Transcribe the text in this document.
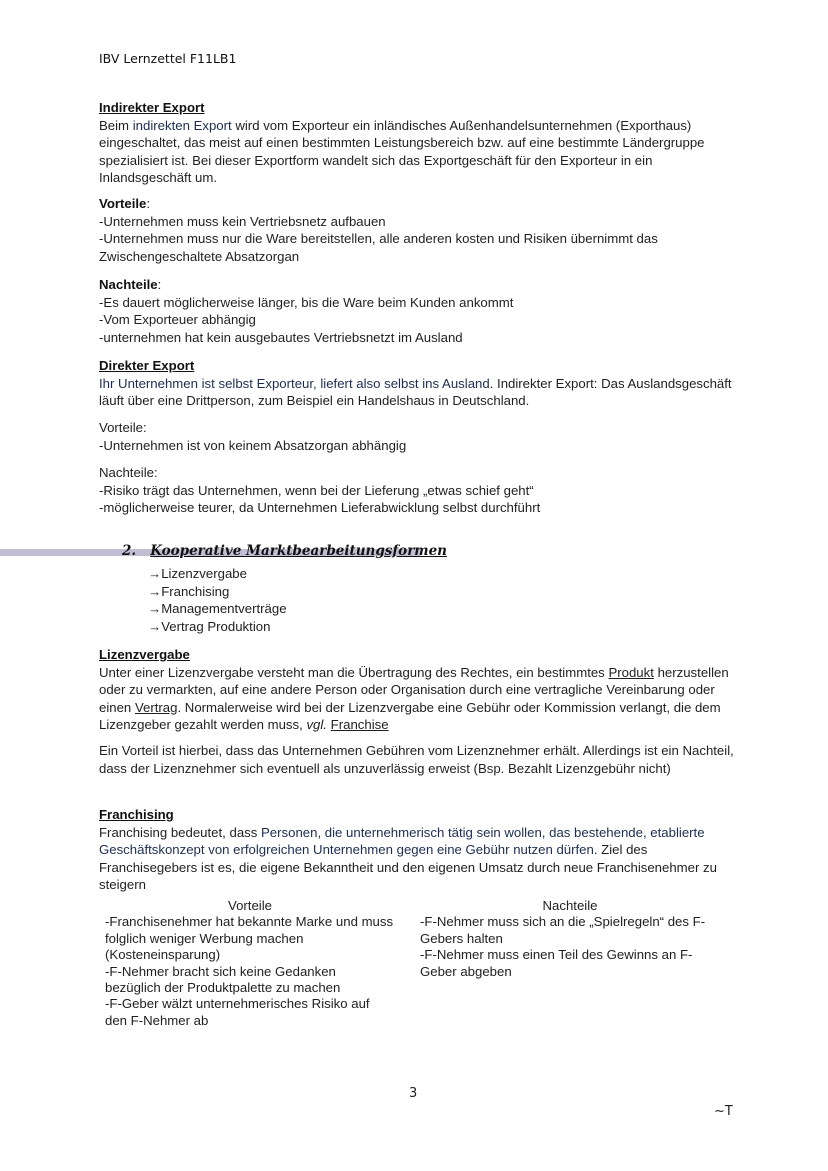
IBV Lernzettel F11LB1

Indirekter Export

Beim indirekten Export wird vom Exporteur ein inländisches Außenhandelsunternehmen (Exporthaus) eingeschaltet, das meist auf einen bestimmten Leistungsbereich bzw. auf eine bestimmte Ländergruppe spezialisiert ist. Bei dieser Exportform wandelt sich das Exportgeschäft für den Exporteur in ein Inlandsgeschäft um.

Vorteile:

-Unternehmen muss kein Vertriebsnetz aufbauen

-Unternehmen muss nur die Ware bereitstellen, alle anderen kosten und Risiken übernimmt das Zwischengeschaltete Absatzorgan

Nachteile:

-Es dauert möglicherweise länger, bis die Ware beim Kunden ankommt

-Vom Exporteuer abhängig

-unternehmen hat kein ausgebautes Vertriebsnetzt im Ausland

Direkter Export

Ihr Unternehmen ist selbst Exporteur, liefert also selbst ins Ausland. Indirekter Export: Das Auslandsgeschäft läuft über eine Drittperson, zum Beispiel ein Handelshaus in Deutschland.

Vorteile:

-Unternehmen ist von keinem Absatzorgan abhängig

Nachteile:

-Risiko trägt das Unternehmen, wenn bei der Lieferung „etwas schief geht“

-möglicherweise teurer, da Unternehmen Lieferabwicklung selbst durchführt

2. Kooperative Marktbearbeitungsformen
→Lizenzvergabe
→Franchising
→Managementverträge
→Vertrag Produktion

Lizenzvergabe

Unter einer Lizenzvergabe versteht man die Übertragung des Rechtes, ein bestimmtes Produkt herzustellen oder zu vermarkten, auf eine andere Person oder Organisation durch eine vertragliche Vereinbarung oder einen Vertrag. Normalerweise wird bei der Lizenzvergabe eine Gebühr oder Kommission verlangt, die dem Lizenzgeber gezahlt werden muss, vgl. Franchise

Ein Vorteil ist hierbei, dass das Unternehmen Gebühren vom Lizenznehmer erhält. Allerdings ist ein Nachteil, dass der Lizenznehmer sich eventuell als unzuverlässig erweist (Bsp. Bezahlt Lizenzgebühr nicht)

Franchising

Franchising bedeutet, dass Personen, die unternehmerisch tätig sein wollen, das bestehende, etablierte Geschäftskonzept von erfolgreichen Unternehmen gegen eine Gebühr nutzen dürfen. Ziel des Franchisegebers ist es, die eigene Bekanntheit und den eigenen Umsatz durch neue Franchisenehmer zu steigern

Vorteile
-Franchisenehmer hat bekannte Marke und muss folglich weniger Werbung machen (Kosteneinsparung)
-F-Nehmer bracht sich keine Gedanken bezüglich der Produktpalette zu machen
-F-Geber wälzt unternehmerisches Risiko auf den F-Nehmer ab
Nachteile
-F-Nehmer muss sich an die „Spielregeln“ des F-Gebers halten
-F-Nehmer muss einen Teil des Gewinns an F-Geber abgeben
3
~T
